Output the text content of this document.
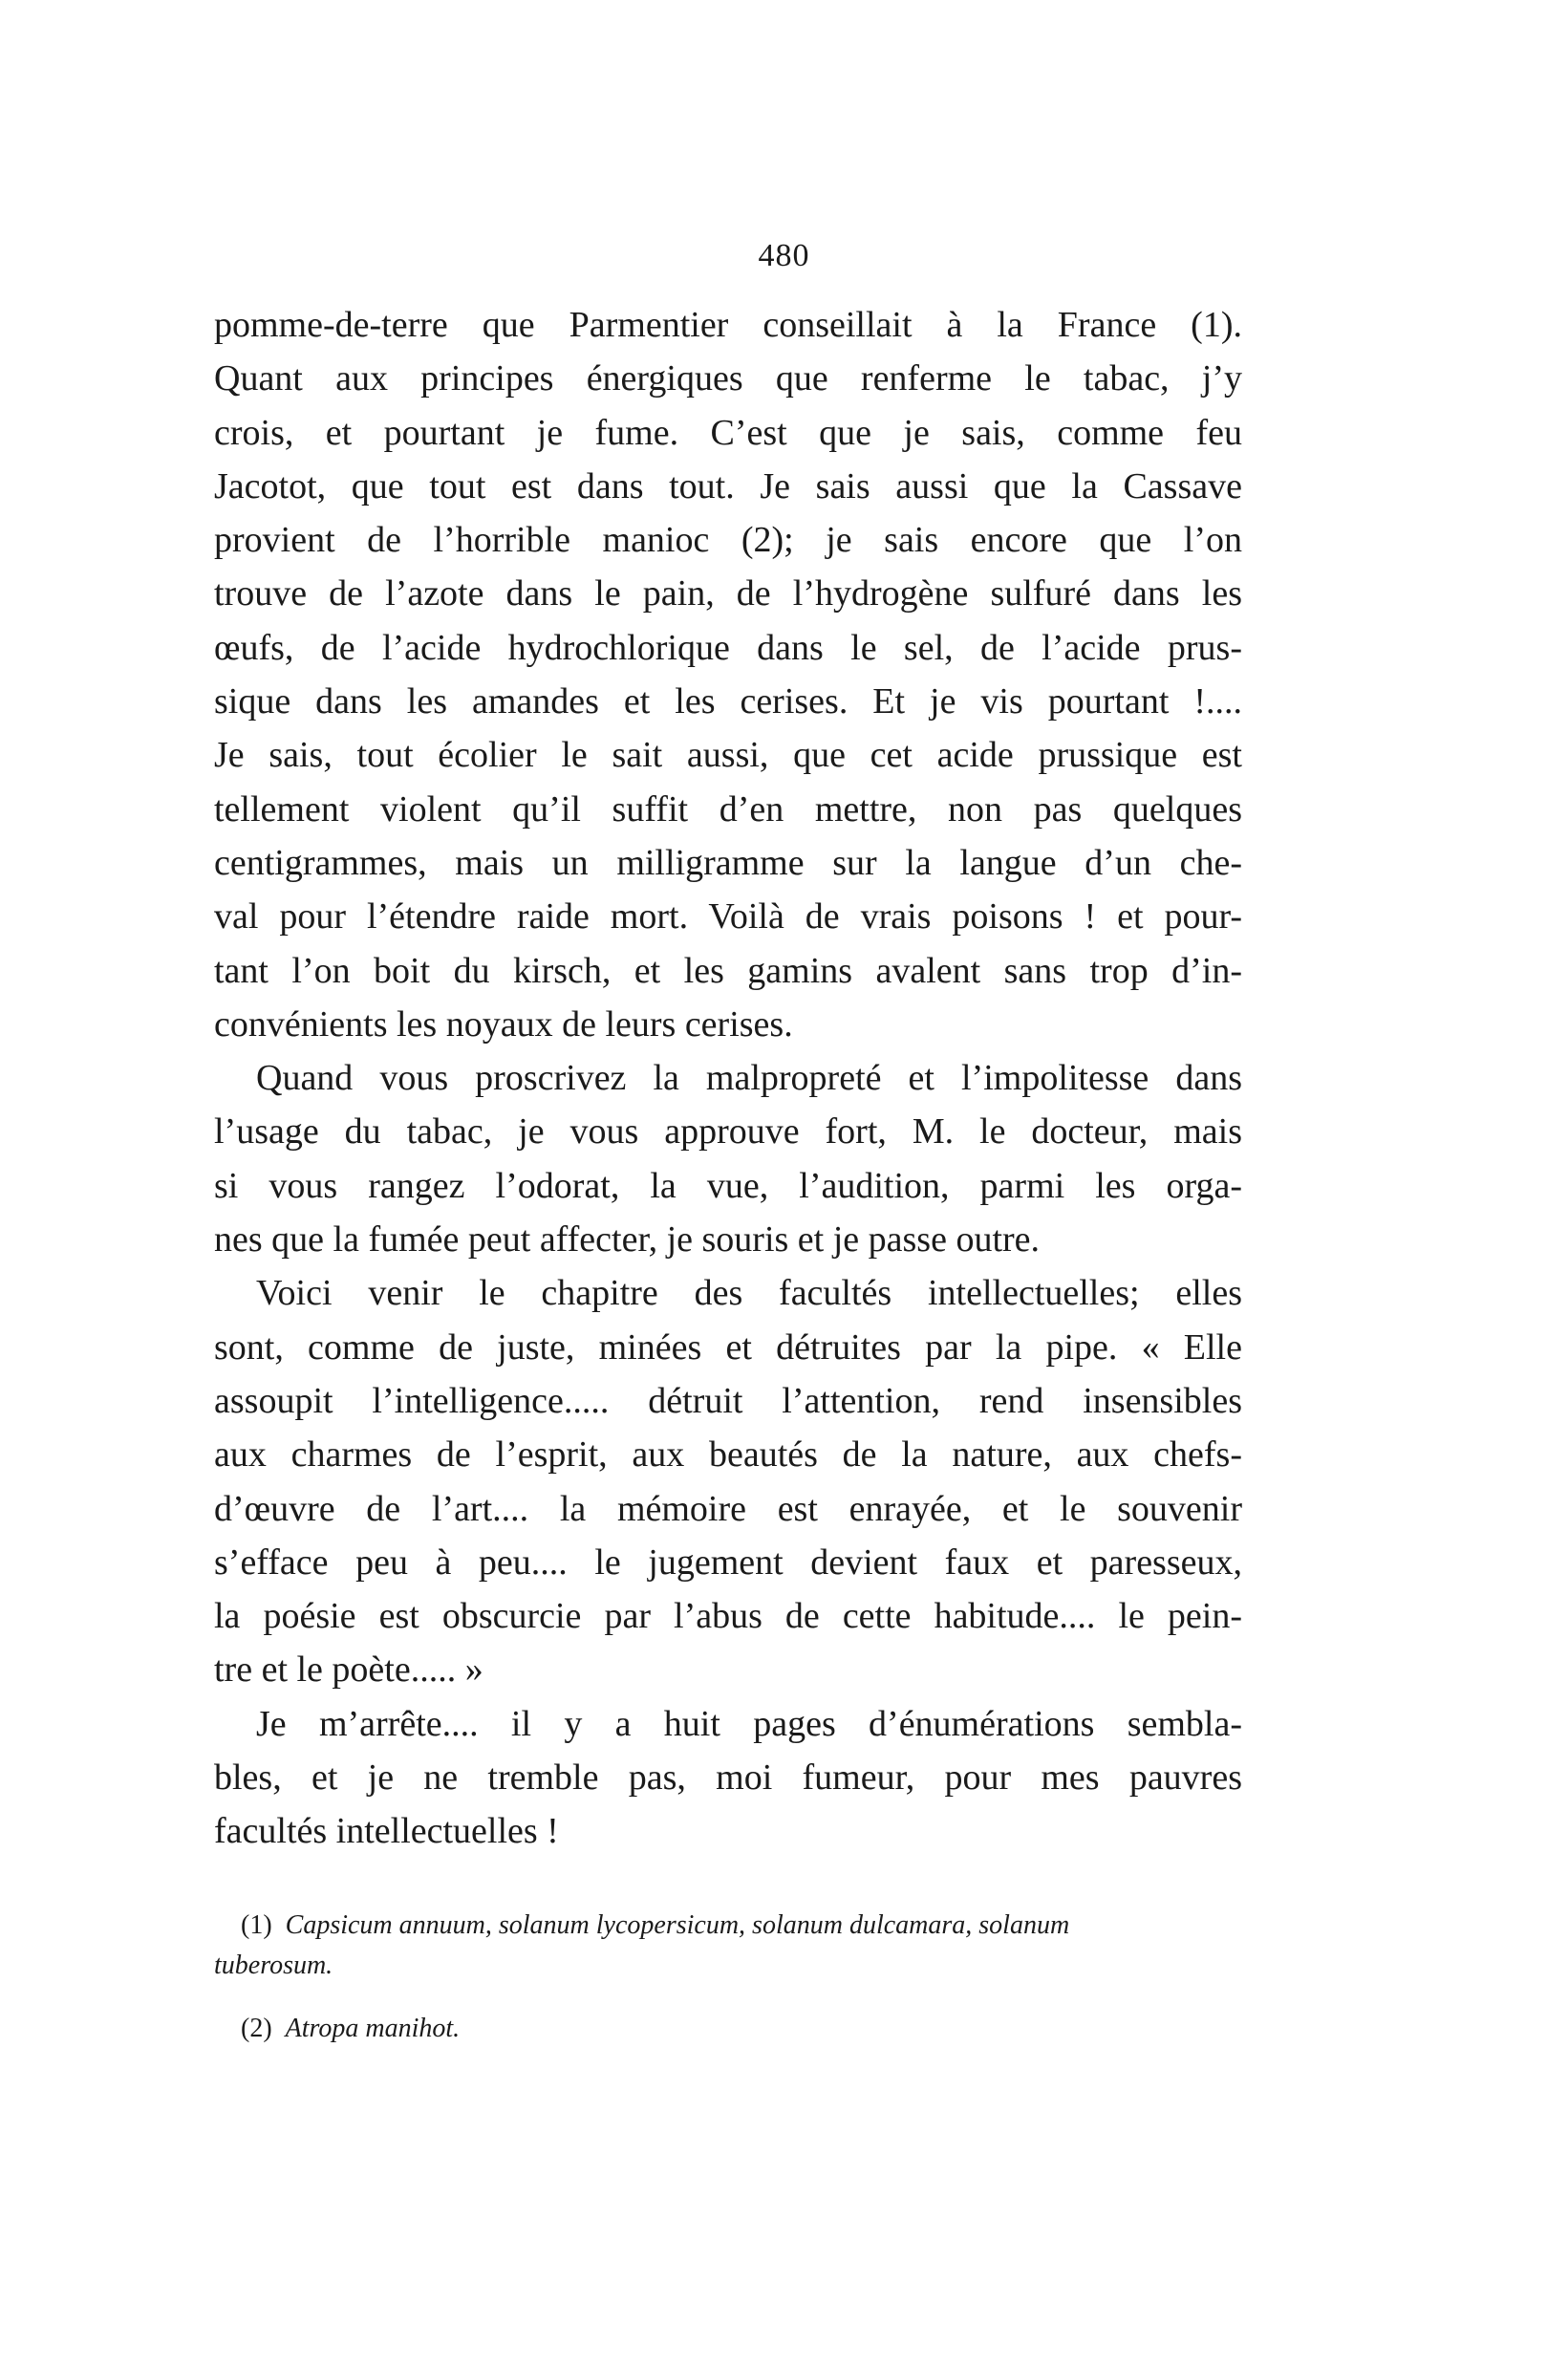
480
pomme-de-terre que Parmentier conseillait à la France (1).
Quant aux principes énergiques que renferme le tabac, j’y
crois, et pourtant je fume. C’est que je sais, comme feu
Jacotot, que tout est dans tout. Je sais aussi que la Cassave
provient de l’horrible manioc (2); je sais encore que l’on
trouve de l’azote dans le pain, de l’hydrogène sulfuré dans les
œufs, de l’acide hydrochlorique dans le sel, de l’acide prus-
sique dans les amandes et les cerises. Et je vis pourtant !....
Je sais, tout écolier le sait aussi, que cet acide prussique est
tellement violent qu’il suffit d’en mettre, non pas quelques
centigrammes, mais un milligramme sur la langue d’un che-
val pour l’étendre raide mort. Voilà de vrais poisons ! et pour-
tant l’on boit du kirsch, et les gamins avalent sans trop d’in-
convénients les noyaux de leurs cerises.
Quand vous proscrivez la malpropreté et l’impolitesse dans
l’usage du tabac, je vous approuve fort, M. le docteur, mais
si vous rangez l’odorat, la vue, l’audition, parmi les orga-
nes que la fumée peut affecter, je souris et je passe outre.
Voici venir le chapitre des facultés intellectuelles; elles
sont, comme de juste, minées et détruites par la pipe. « Elle
assoupit l’intelligence..... détruit l’attention, rend insensibles
aux charmes de l’esprit, aux beautés de la nature, aux chefs-
d’œuvre de l’art.... la mémoire est enrayée, et le souvenir
s’efface peu à peu.... le jugement devient faux et paresseux,
la poésie est obscurcie par l’abus de cette habitude.... le pein-
tre et le poète..... »
Je m’arrête.... il y a huit pages d’énumérations sembla-
bles, et je ne tremble pas, moi fumeur, pour mes pauvres
facultés intellectuelles !
(1) Capsicum annuum, solanum lycopersicum, solanum dulcamara, solanum
tuberosum.
(2) Atropa manihot.
